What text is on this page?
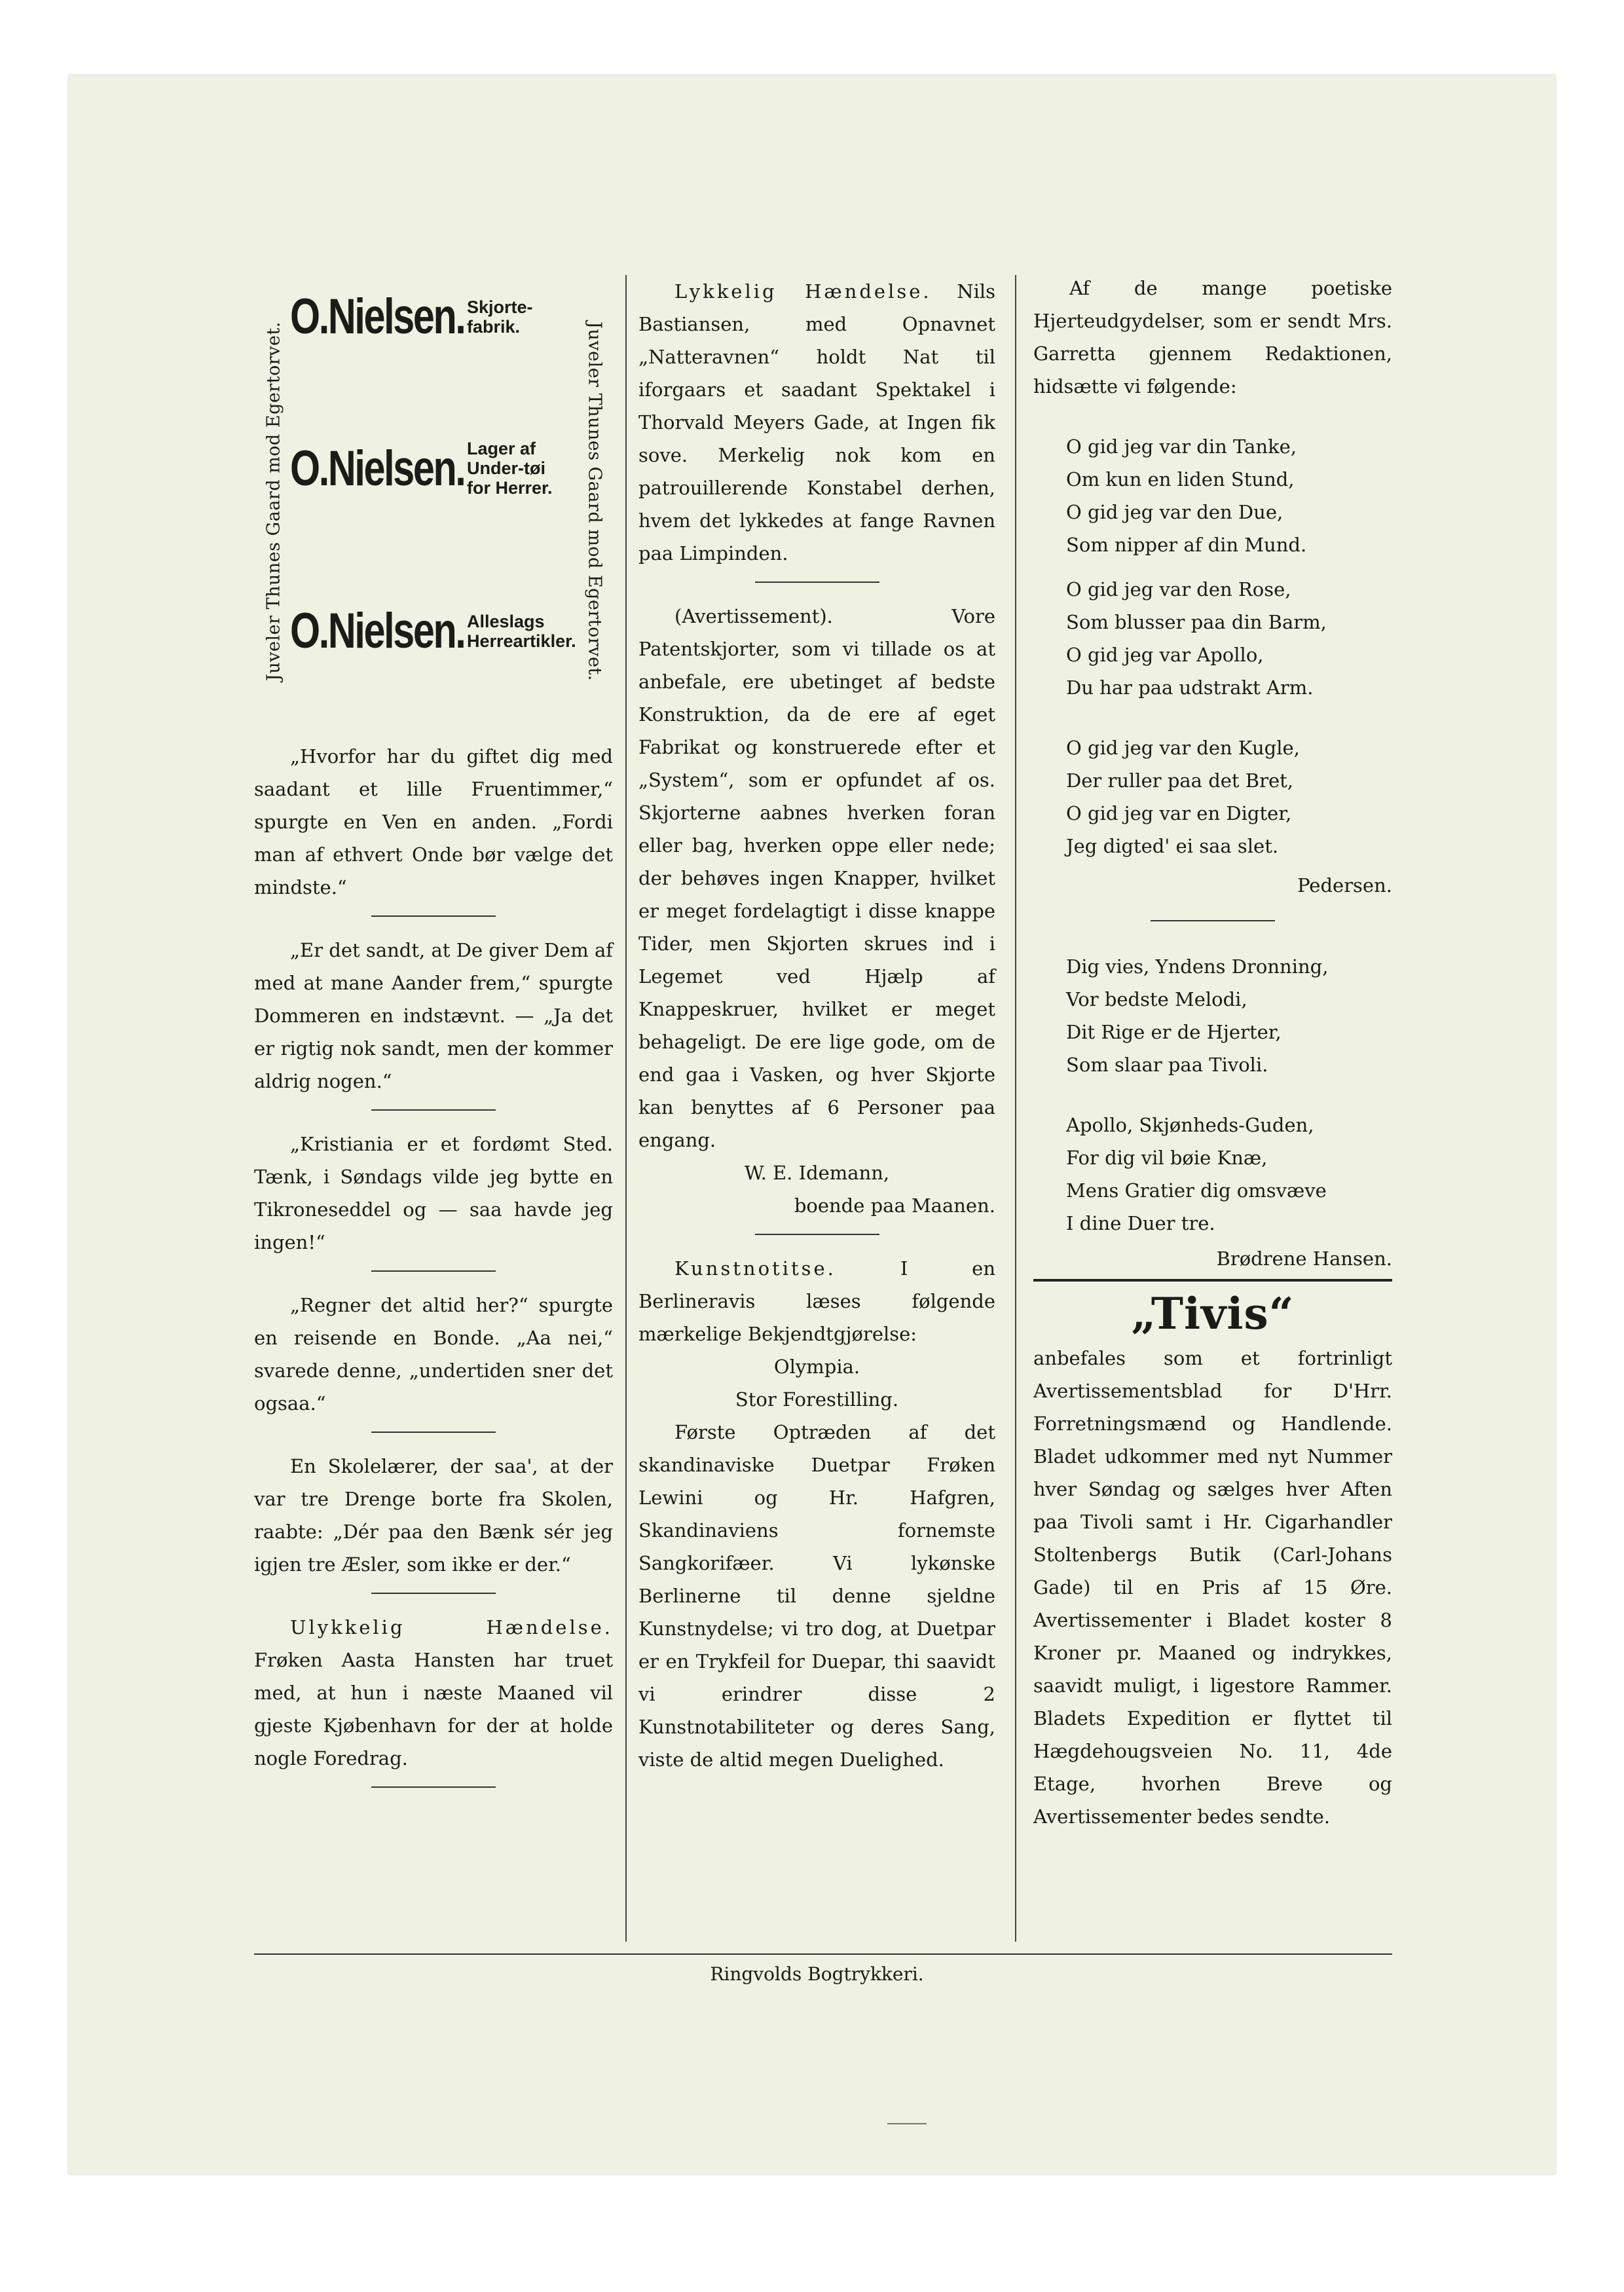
Juveler Thunes Gaard mod Egertorvet.	Juveler Thunes Gaard mod Egertorvet.
O.Nielsen. Skjorte-fabrik.
O.Nielsen. Lager af Under-tøi for Herrer.
O.Nielsen. Alleslags Herreartikler.

„Hvorfor har du giftet dig med saadant et lille Fruentimmer,“ spurgte en Ven en anden. „Fordi man af ethvert Onde bør vælge det mindste.“

„Er det sandt, at De giver Dem af med at mane Aander frem,“ spurgte Dommeren en indstævnt. — „Ja det er rigtig nok sandt, men der kommer aldrig nogen.“

„Kristiania er et fordømt Sted. Tænk, i Søndags vilde jeg bytte en Tikroneseddel og — saa havde jeg ingen!“

„Regner det altid her?“ spurgte en reisende en Bonde. „Aa nei,“ svarede denne, „undertiden sner det ogsaa.“

En Skolelærer, der saa', at der var tre Drenge borte fra Skolen, raabte: „Dér paa den Bænk sér jeg igjen tre Æsler, som ikke er der.“

Ulykkelig Hændelse. Frøken Aasta Hansten har truet med, at hun i næste Maaned vil gjeste Kjøbenhavn for der at holde nogle Foredrag.

Lykkelig Hændelse. Nils Bastiansen, med Opnavnet „Natteravnen“ holdt Nat til iforgaars et saadant Spektakel i Thorvald Meyers Gade, at Ingen fik sove. Merkelig nok kom en patrouillerende Konstabel derhen, hvem det lykkedes at fange Ravnen paa Limpinden.

(Avertissement).	Vore Patentskjorter, som vi tillade os at anbefale, ere ubetinget af bedste Konstruktion, da de ere af eget Fabrikat og konstruerede efter et „System“, som er opfundet af os. Skjorterne aabnes hverken foran eller bag, hverken oppe eller nede; der behøves ingen Knapper, hvilket er meget fordelagtigt i disse knappe Tider, men Skjorten skrues ind i Legemet ved Hjælp af Knappeskruer, hvilket er meget behageligt. De ere lige gode, om de end gaa i Vasken, og hver Skjorte kan benyttes af 6 Personer paa engang.

W. E. Idemann,

boende paa Maanen.

Kunstnotitse.	I en Berlineravis læses følgende mærkelige Bekjendtgjørelse:

Olympia.

Stor Forestilling.

Første Optræden af det skandinaviske Duetpar Frøken Lewini og Hr. Hafgren, Skandinaviens fornemste Sangkorifæer. Vi lykønske Berlinerne til denne sjeldne Kunstnydelse; vi tro dog, at Duetpar er en Trykfeil for Duepar, thi saavidt vi erindrer disse 2 Kunstnotabiliteter og deres Sang, viste de altid megen Duelighed.

Af de mange poetiske Hjerteudgydelser, som er sendt Mrs. Garretta gjennem Redaktionen, hidsætte vi følgende:

O gid jeg var din Tanke,

Om kun en liden Stund,

O gid jeg var den Due,

Som nipper af din Mund.

O gid jeg var den Rose,

Som blusser paa din Barm,

O gid jeg var Apollo,

Du har paa udstrakt Arm.

O gid jeg var den Kugle,

Der ruller paa det Bret,

O gid jeg var en Digter,

Jeg digted' ei saa slet.

Pedersen.

Dig vies, Yndens Dronning,

Vor bedste Melodi,

Dit Rige er de Hjerter,

Som slaar paa Tivoli.

Apollo, Skjønheds-Guden,

For dig vil bøie Knæ,

Mens Gratier dig omsvæve

I dine Duer tre.

Brødrene Hansen.

„Tivis“

anbefales som et fortrinligt Avertissementsblad for D'Hrr. Forretningsmænd og Handlende. Bladet udkommer med nyt Nummer hver Søndag og sælges hver Aften paa Tivoli samt i Hr. Cigarhandler Stoltenbergs Butik (Carl-Johans Gade) til en Pris af 15 Øre. Avertissementer i Bladet koster 8 Kroner pr. Maaned og indrykkes, saavidt muligt, i ligestore Rammer. Bladets Expedition er flyttet til Hægdehougsveien No. 11, 4de Etage, hvorhen Breve og Avertissementer bedes sendte.

Ringvolds Bogtrykkeri.
